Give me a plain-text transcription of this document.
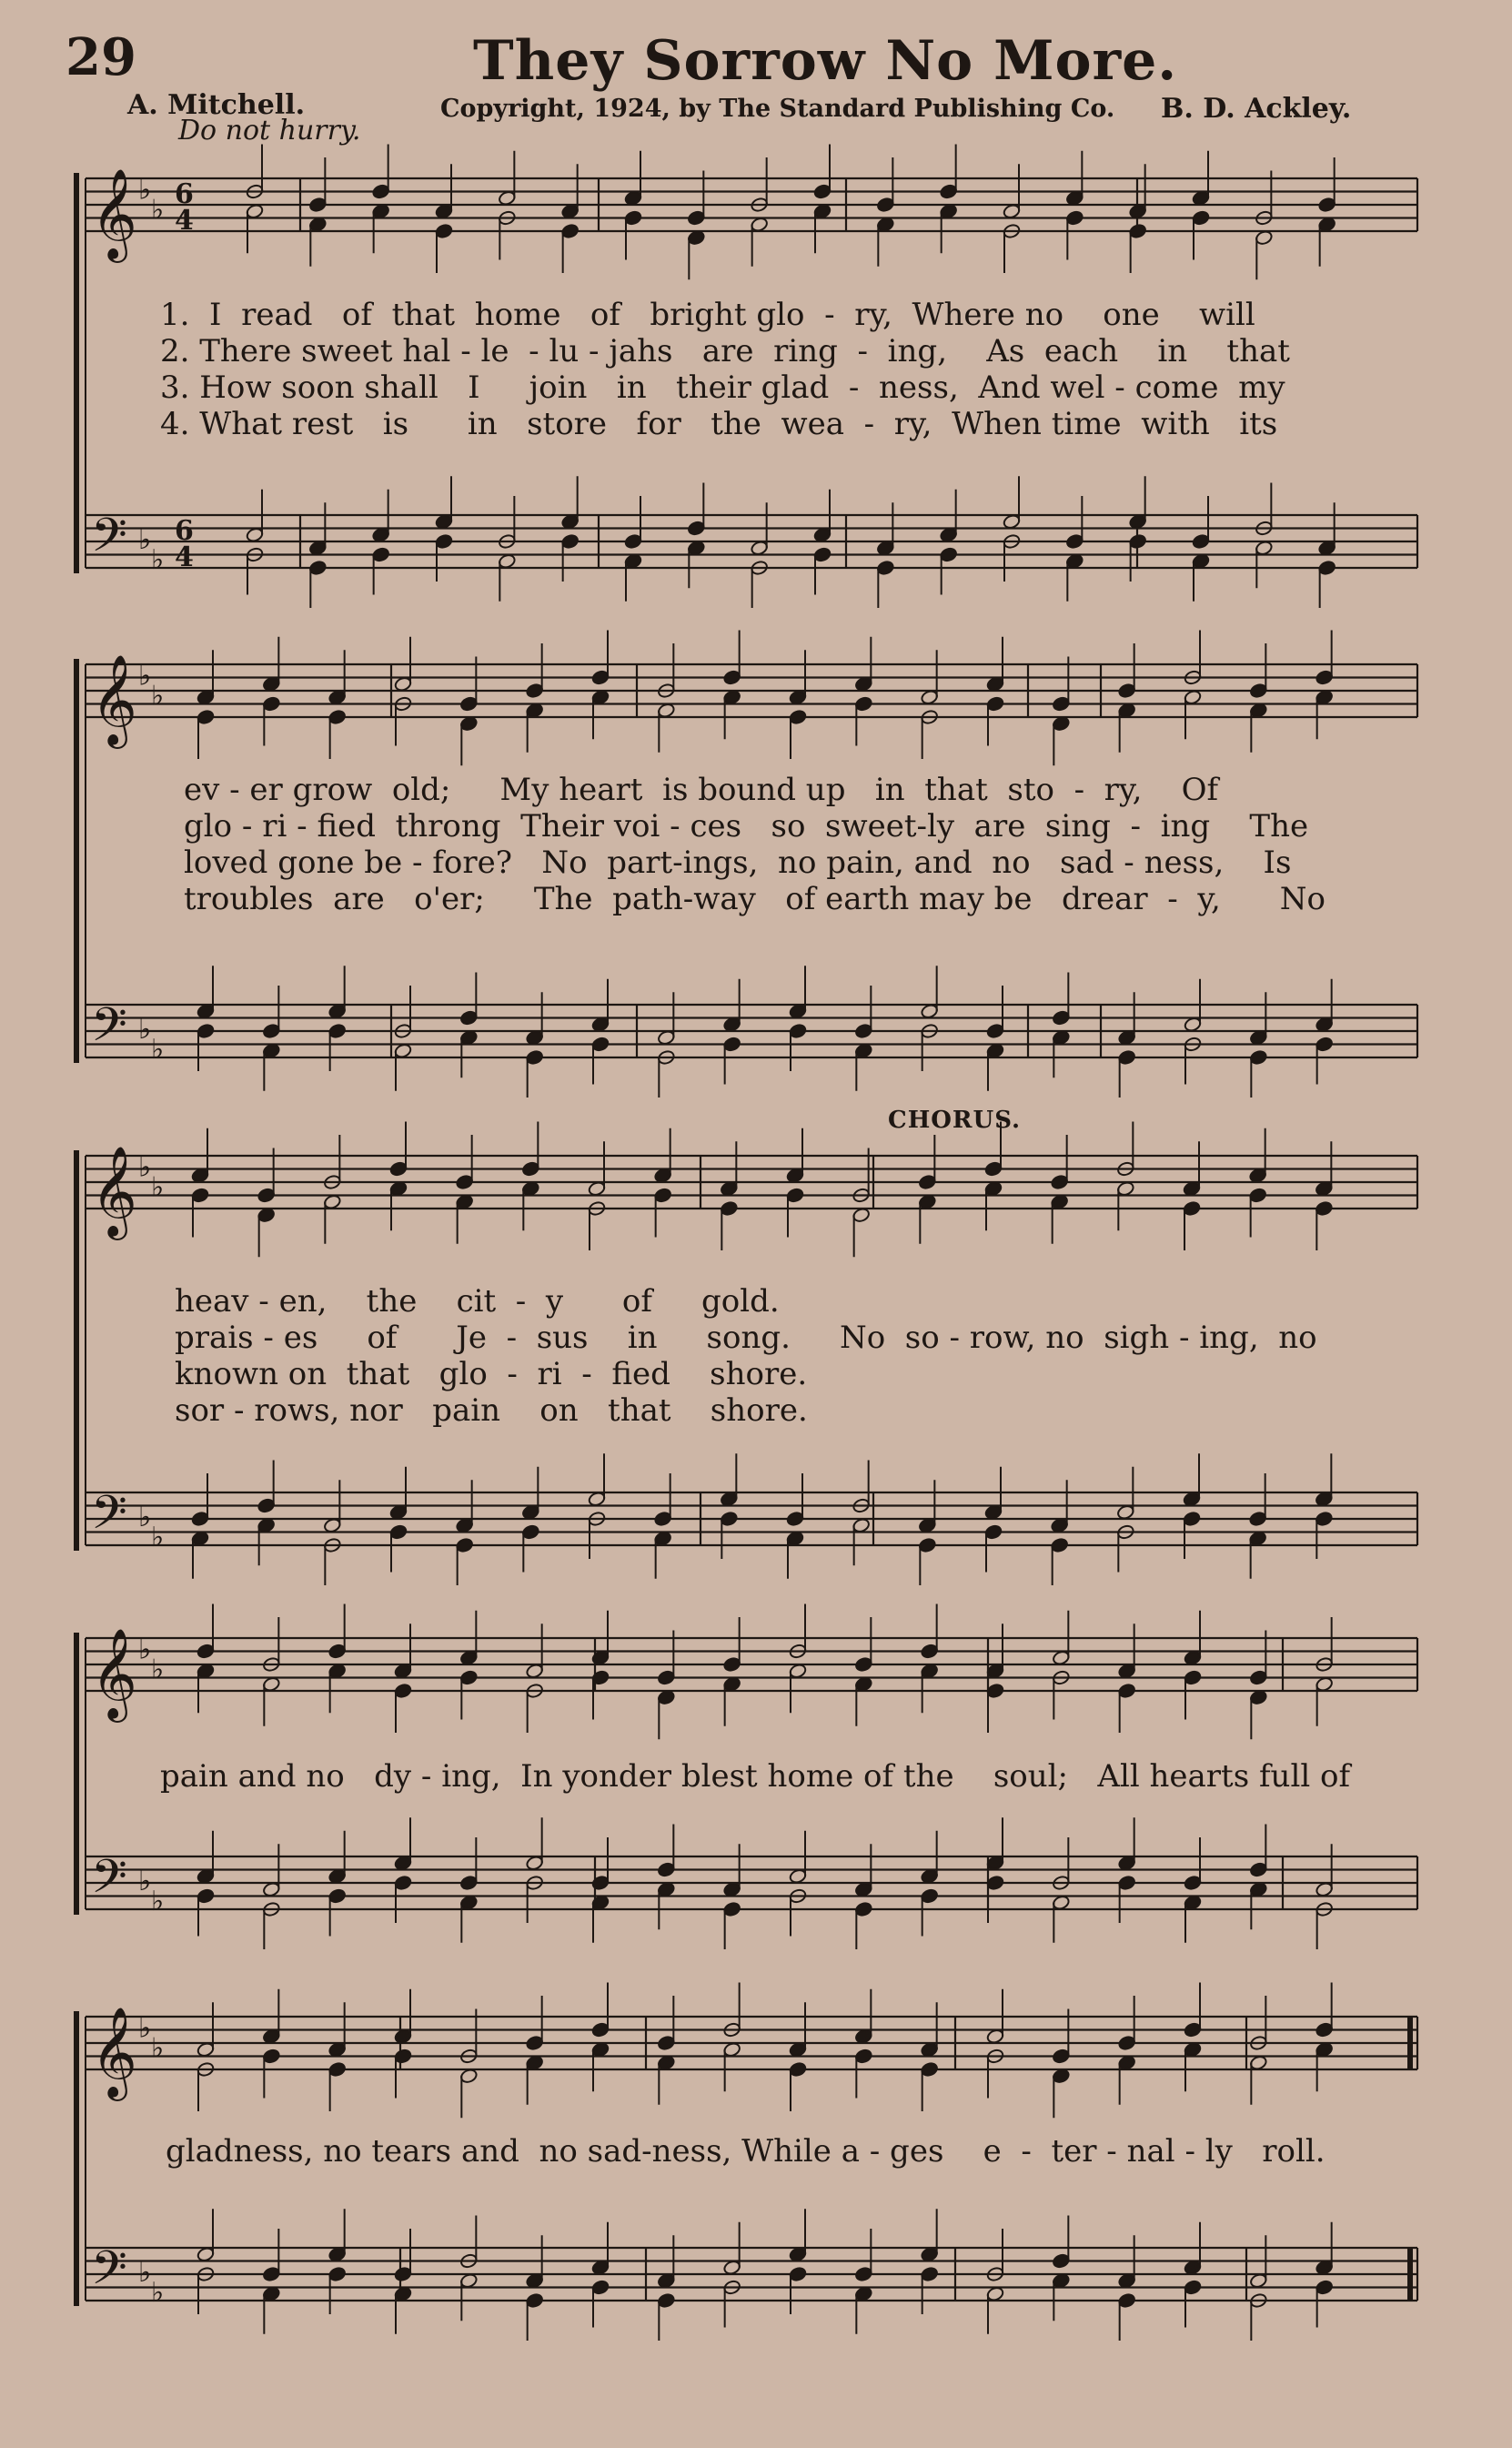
29	They Sorrow No More.
A. Mitchell.	Copyright, 1924, by The Standard Publishing Co. B. D. Ackley.
Do not hurry.
CHORUS.
𝄞
𝄢
♭
♭
♭
♭
6
4
6
4
𝄞
𝄢
♭
♭
♭
♭
𝄞
𝄢
♭
♭
♭
♭
𝄞
𝄢
♭
♭
♭
♭
𝄞
𝄢
♭
♭
♭
♭
1.  I  read   of  that  home   of   bright glo  -  ry,  Where no    one    will
2. There sweet hal - le  - lu - jahs   are  ring  -  ing,    As  each    in    that
3. How soon shall   I     join   in   their glad  -  ness,  And wel - come  my
4. What rest   is      in   store   for   the  wea  -  ry,  When time  with   its
ev - er grow  old;     My heart  is bound up   in  that  sto  -  ry,    Of
glo - ri - fied  throng  Their voi - ces   so  sweet-ly  are  sing  -  ing    The
loved gone be - fore?   No  part-ings,  no pain, and  no   sad - ness,    Is
troubles  are   o'er;     The  path-way   of earth may be   drear  -  y,      No
heav - en,    the    cit  -  y      of     gold.
prais - es     of      Je  -  sus    in     song.     No  so - row, no  sigh - ing,  no
known on  that   glo  -  ri  -  fied    shore.
sor - rows, nor   pain    on   that    shore.
pain and no   dy - ing,  In yonder blest home of the    soul;   All hearts full of
gladness, no tears and  no sad-ness, While a - ges    e  -  ter - nal - ly   roll.
